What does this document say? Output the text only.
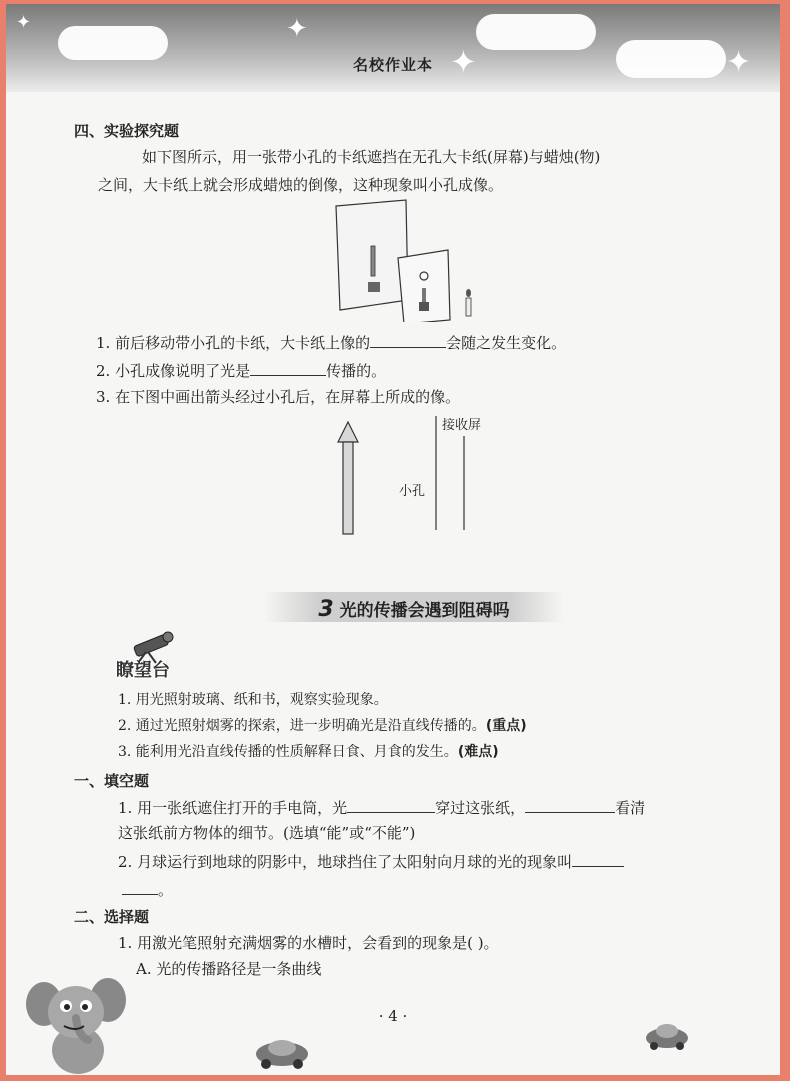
✦
✦	✦
✦
名校作业本
四、实验探究题
如下图所示，用一张带小孔的卡纸遮挡在无孔大卡纸(屏幕)与蜡烛(物)
之间，大卡纸上就会形成蜡烛的倒像，这种现象叫小孔成像。
1. 前后移动带小孔的卡纸，大卡纸上像的	会随之发生变化。
2. 小孔成像说明了光是	传播的。
3. 在下图中画出箭头经过小孔后，在屏幕上所成的像。
接收屏
小孔
3 光的传播会遇到阻碍吗
瞭望台
1. 用光照射玻璃、纸和书，观察实验现象。
2. 通过光照射烟雾的探索，进一步明确光是沿直线传播的。(重点)
3. 能利用光沿直线传播的性质解释日食、月食的发生。(难点)
一、填空题
1. 用一张纸遮住打开的手电筒，光	穿过这张纸，	看清
这张纸前方物体的细节。(选填“能”或“不能”)
2. 月球运行到地球的阴影中，地球挡住了太阳射向月球的光的现象叫
。
二、选择题
1. 用激光笔照射充满烟雾的水槽时，会看到的现象是( )。
A. 光的传播路径是一条曲线
· 4 ·
